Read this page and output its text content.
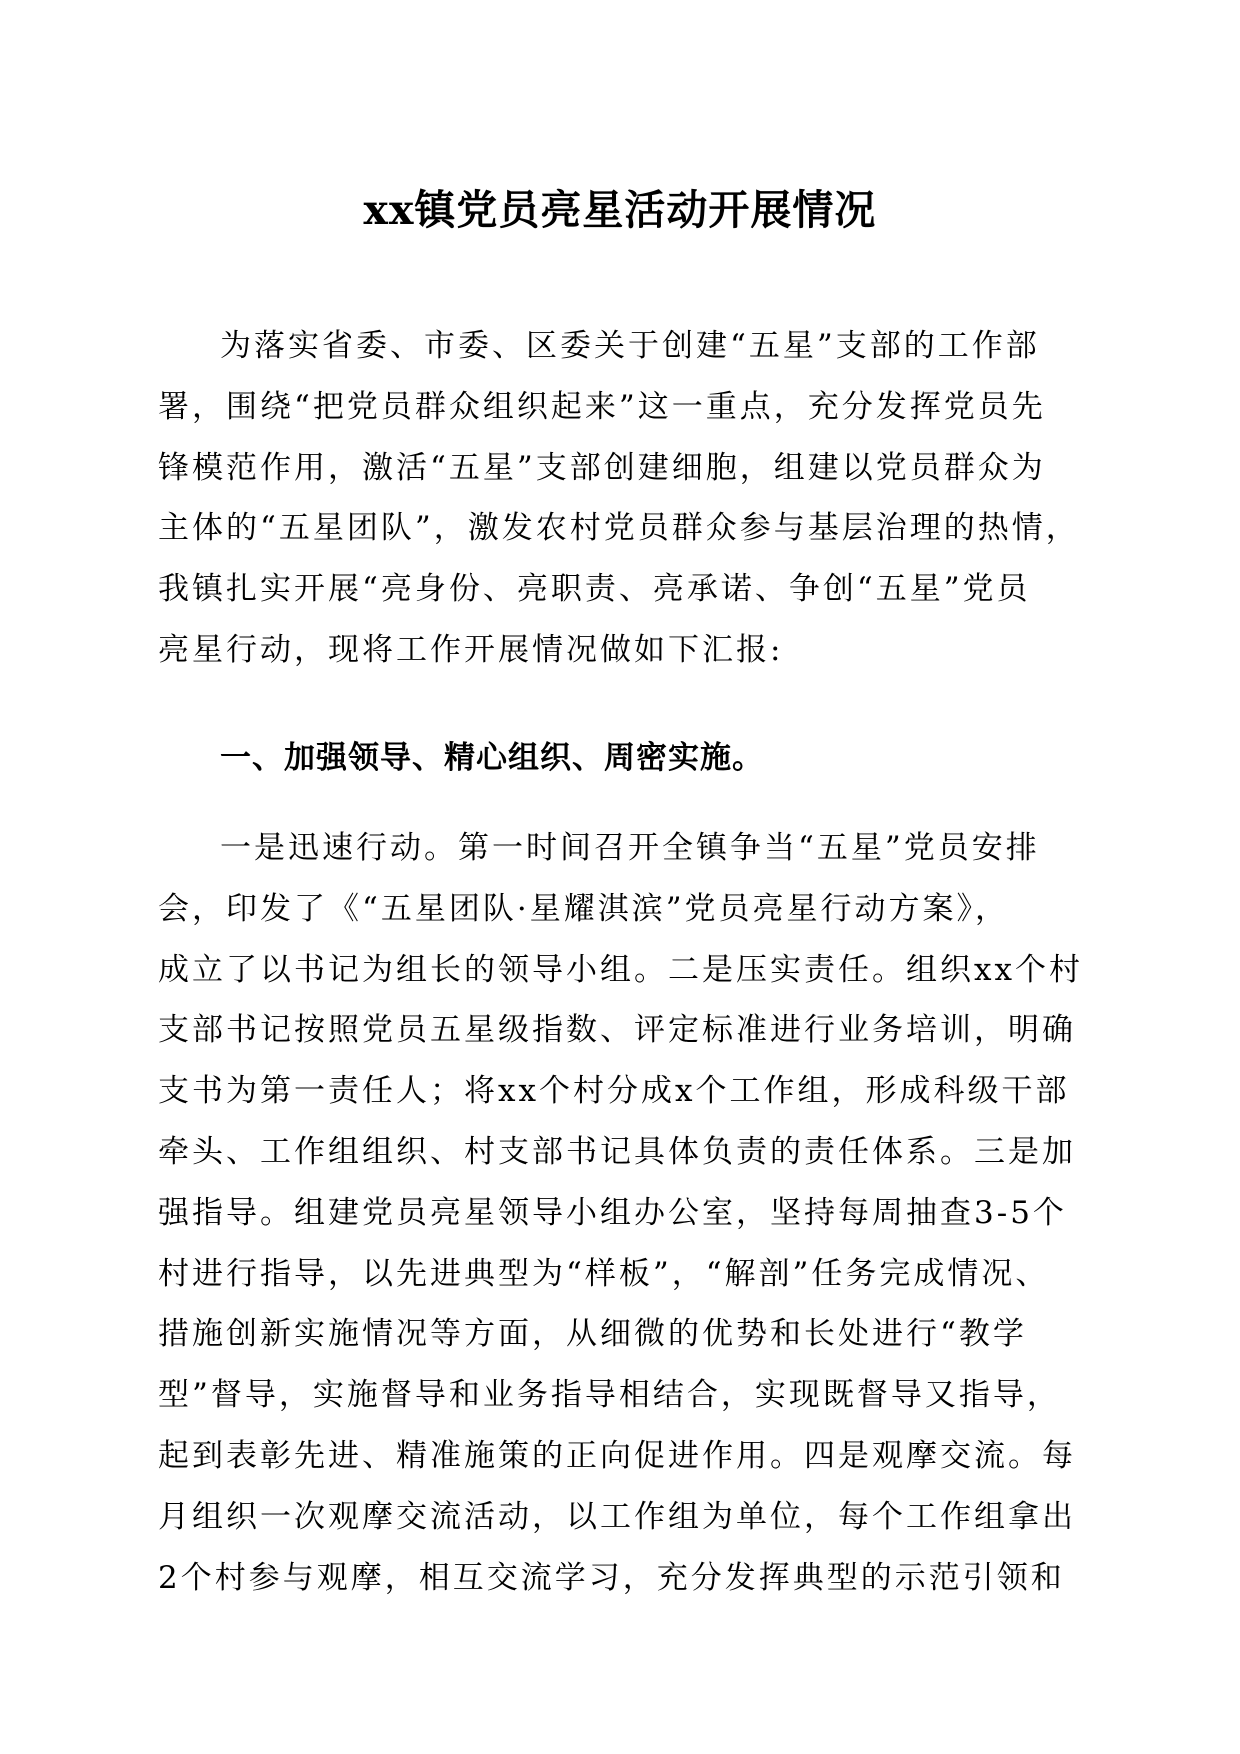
xx镇党员亮星活动开展情况
为落实省委、市委、区委关于创建“五星”支部的工作部
署，围绕“把党员群众组织起来”这一重点，充分发挥党员先
锋模范作用，激活“五星”支部创建细胞，组建以党员群众为
主体的“五星团队”，激发农村党员群众参与基层治理的热情，
我镇扎实开展“亮身份、亮职责、亮承诺、争创“五星”党员
亮星行动，现将工作开展情况做如下汇报:
一、加强领导、精心组织、周密实施。
一是迅速行动。第一时间召开全镇争当“五星”党员安排
会，印发了《“五星团队·星耀淇滨”党员亮星行动方案》，
成立了以书记为组长的领导小组。二是压实责任。组织xx个村
支部书记按照党员五星级指数、评定标准进行业务培训，明确
支书为第一责任人；将xx个村分成x个工作组，形成科级干部
牵头、工作组组织、村支部书记具体负责的责任体系。三是加
强指导。组建党员亮星领导小组办公室，坚持每周抽查3-5个
村进行指导，以先进典型为“样板”，“解剖”任务完成情况、
措施创新实施情况等方面，从细微的优势和长处进行“教学
型”督导，实施督导和业务指导相结合，实现既督导又指导，
起到表彰先进、精准施策的正向促进作用。四是观摩交流。每
月组织一次观摩交流活动，以工作组为单位，每个工作组拿出
2个村参与观摩，相互交流学习，充分发挥典型的示范引领和
